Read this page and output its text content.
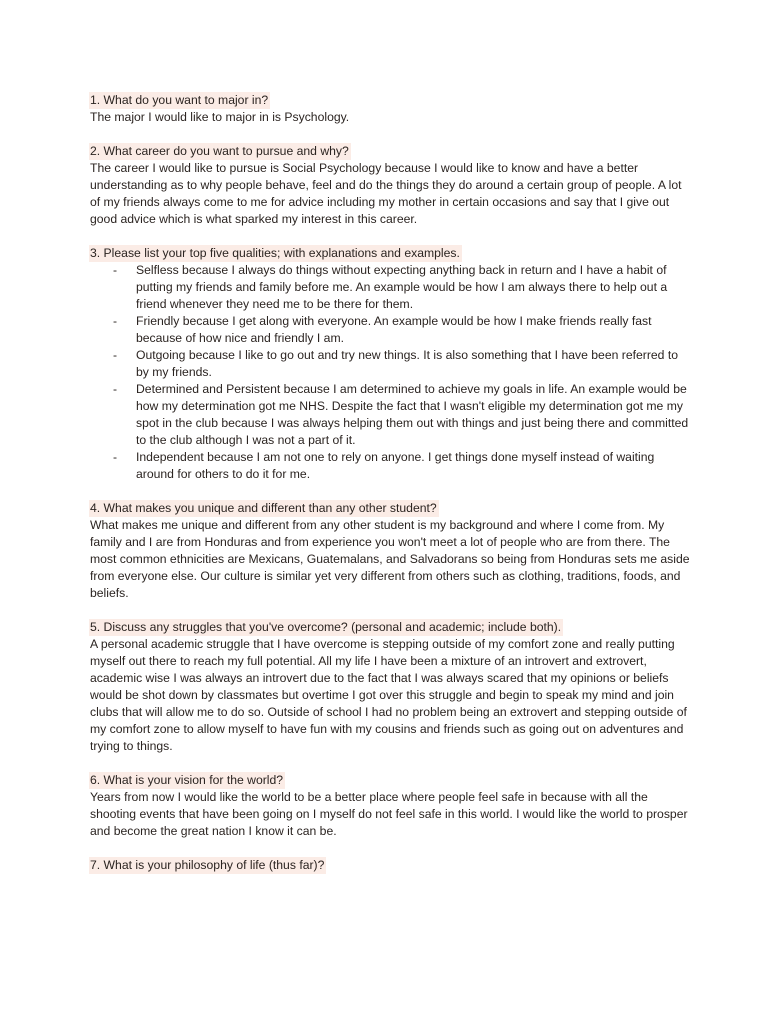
1. What do you want to major in?

The major I would like to major in is Psychology.

2. What career do you want to pursue and why?

The career I would like to pursue is Social Psychology because I would like to know and have a better understanding as to why people behave, feel and do the things they do around a certain group of people. A lot of my friends always come to me for advice including my mother in certain occasions and say that I give out good advice which is what sparked my interest in this career.

3. Please list your top five qualities; with explanations and examples.
- Selfless because I always do things without expecting anything back in return and I have a habit of putting my friends and family before me. An example would be how I am always there to help out a friend whenever they need me to be there for them.
- Friendly because I get along with everyone. An example would be how I make friends really fast because of how nice and friendly I am.
- Outgoing because I like to go out and try new things. It is also something that I have been referred to by my friends.
- Determined and Persistent because I am determined to achieve my goals in life. An example would be how my determination got me NHS. Despite the fact that I wasn't eligible my determination got me my spot in the club because I was always helping them out with things and just being there and committed to the club although I was not a part of it.
- Independent because I am not one to rely on anyone. I get things done myself instead of waiting around for others to do it for me.
4. What makes you unique and different than any other student?

What makes me unique and different from any other student is my background and where I come from. My family and I are from Honduras and from experience you won't meet a lot of people who are from there. The most common ethnicities are Mexicans, Guatemalans, and Salvadorans so being from Honduras sets me aside from everyone else. Our culture is similar yet very different from others such as clothing, traditions, foods, and beliefs.

5. Discuss any struggles that you've overcome? (personal and academic; include both).

A personal academic struggle that I have overcome is stepping outside of my comfort zone and really putting myself out there to reach my full potential. All my life I have been a mixture of an introvert and extrovert, academic wise I was always an introvert due to the fact that I was always scared that my opinions or beliefs would be shot down by classmates but overtime I got over this struggle and begin to speak my mind and join clubs that will allow me to do so. Outside of school I had no problem being an extrovert and stepping outside of my comfort zone to allow myself to have fun with my cousins and friends such as going out on adventures and trying to things.

6. What is your vision for the world?

Years from now I would like the world to be a better place where people feel safe in because with all the shooting events that have been going on I myself do not feel safe in this world. I would like the world to prosper and become the great nation I know it can be.

7. What is your philosophy of life (thus far)?
